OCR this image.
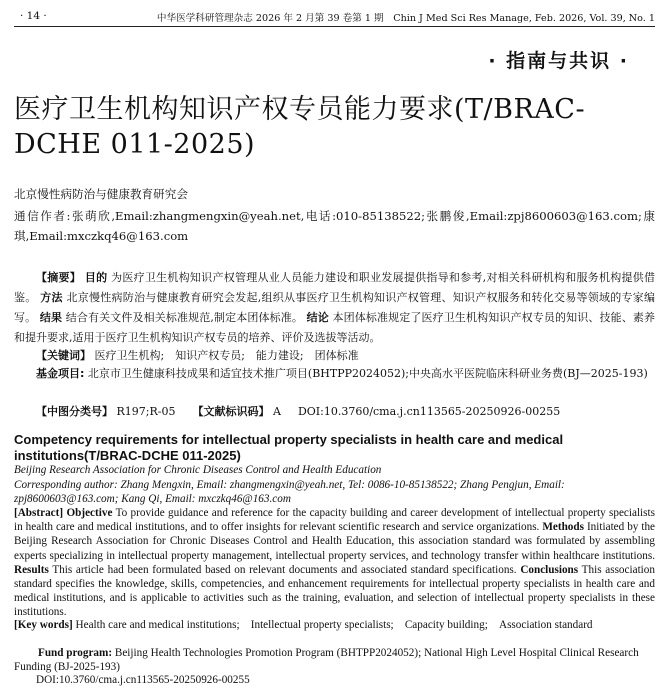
· 14 ·	中华医学科研管理杂志 2026 年 2 月第 39 卷第 1 期　Chin J Med Sci Res Manage, Feb. 2026, Vol. 39, No. 1
· 指南与共识 ·
医疗卫生机构知识产权专员能力要求(T/BRAC-DCHE 011-2025)
北京慢性病防治与健康教育研究会
通信作者:张萌欣,Email:zhangmengxin@yeah.net,电话:010-85138522;张鹏俊,Email:zpj8600603@163.com;康琪,Email:mxczkq46@163.com
【摘要】 目的 为医疗卫生机构知识产权管理从业人员能力建设和职业发展提供指导和参考,对相关科研机构和服务机构提供借鉴。 方法 北京慢性病防治与健康教育研究会发起,组织从事医疗卫生机构知识产权管理、知识产权服务和转化交易等领域的专家编写。 结果 结合有关文件及相关标准规范,制定本团体标准。 结论 本团体标准规定了医疗卫生机构知识产权专员的知识、技能、素养和提升要求,适用于医疗卫生机构知识产权专员的培养、评价及选拔等活动。
【关键词】 医疗卫生机构;　知识产权专员;　能力建设;　团体标准
基金项目: 北京市卫生健康科技成果和适宜技术推广项目(BHTPP2024052);中央高水平医院临床科研业务费(BJ—2025-193)
【中图分类号】 R197;R-05 【文献标识码】 A DOI:10.3760/cma.j.cn113565-20250926-00255
Competency requirements for intellectual property specialists in health care and medical institutions(T/BRAC-DCHE 011-2025)
Beijing Research Association for Chronic Diseases Control and Health Education
Corresponding author: Zhang Mengxin, Email: zhangmengxin@yeah.net, Tel: 0086-10-85138522; Zhang Pengjun, Email: zpj8600603@163.com; Kang Qi, Email: mxczkq46@163.com
[Abstract] Objective To provide guidance and reference for the capacity building and career development of intellectual property specialists in health care and medical institutions, and to offer insights for relevant scientific research and service organizations. Methods Initiated by the Beijing Research Association for Chronic Diseases Control and Health Education, this association standard was formulated by assembling experts specializing in intellectual property management, intellectual property services, and technology transfer within healthcare institutions. Results This article had been formulated based on relevant documents and associated standard specifications. Conclusions This association standard specifies the knowledge, skills, competencies, and enhancement requirements for intellectual property specialists in health care and medical institutions, and is applicable to activities such as the training, evaluation, and selection of intellectual property specialists in these institutions.
[Key words] Health care and medical institutions;　Intellectual property specialists;　Capacity building;　Association standard
Fund program: Beijing Health Technologies Promotion Program (BHTPP2024052); National High Level Hospital Clinical Research Funding (BJ-2025-193)
DOI:10.3760/cma.j.cn113565-20250926-00255
